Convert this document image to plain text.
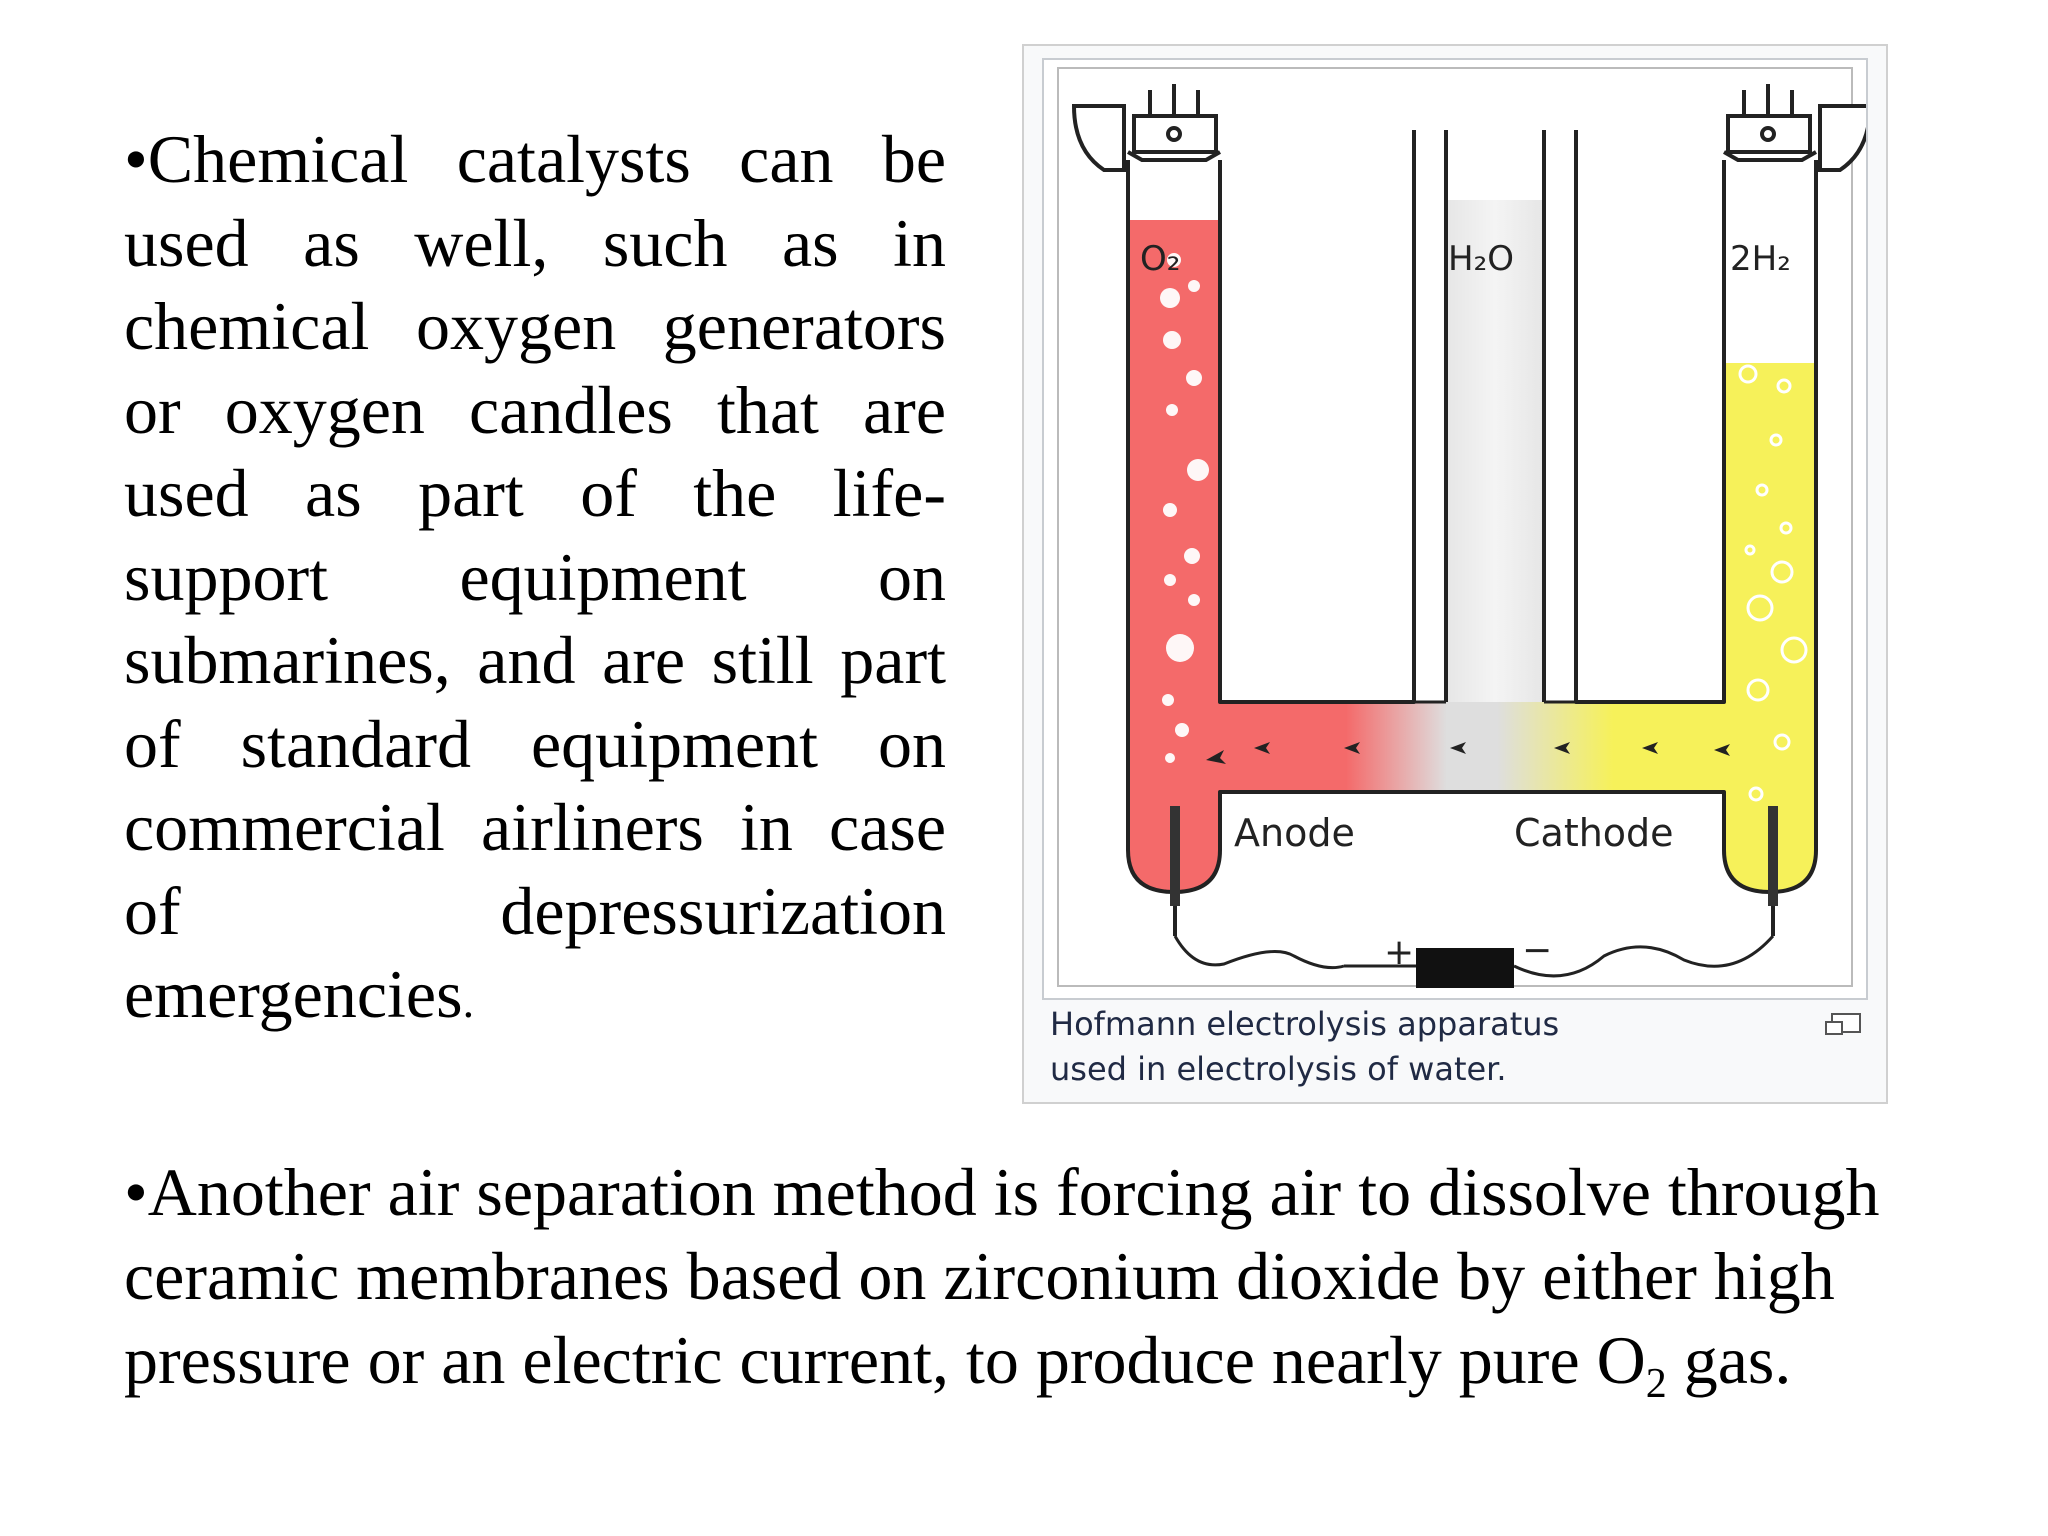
•Chemical catalysts can be used as well, such as in chemical oxygen generators or oxygen candles that are used as part of the life-support equipment on submarines, and are still part of standard equipment on commercial airliners in case of depressurization emergencies.

O₂	H₂O	2H₂
Anode	Cathode
+	−
Hofmann electrolysis apparatus
used in electrolysis of water.
•Another air separation method is forcing air to dissolve through
ceramic membranes based on zirconium dioxide by either high
pressure or an electric current, to produce nearly pure $O_2$ gas.
